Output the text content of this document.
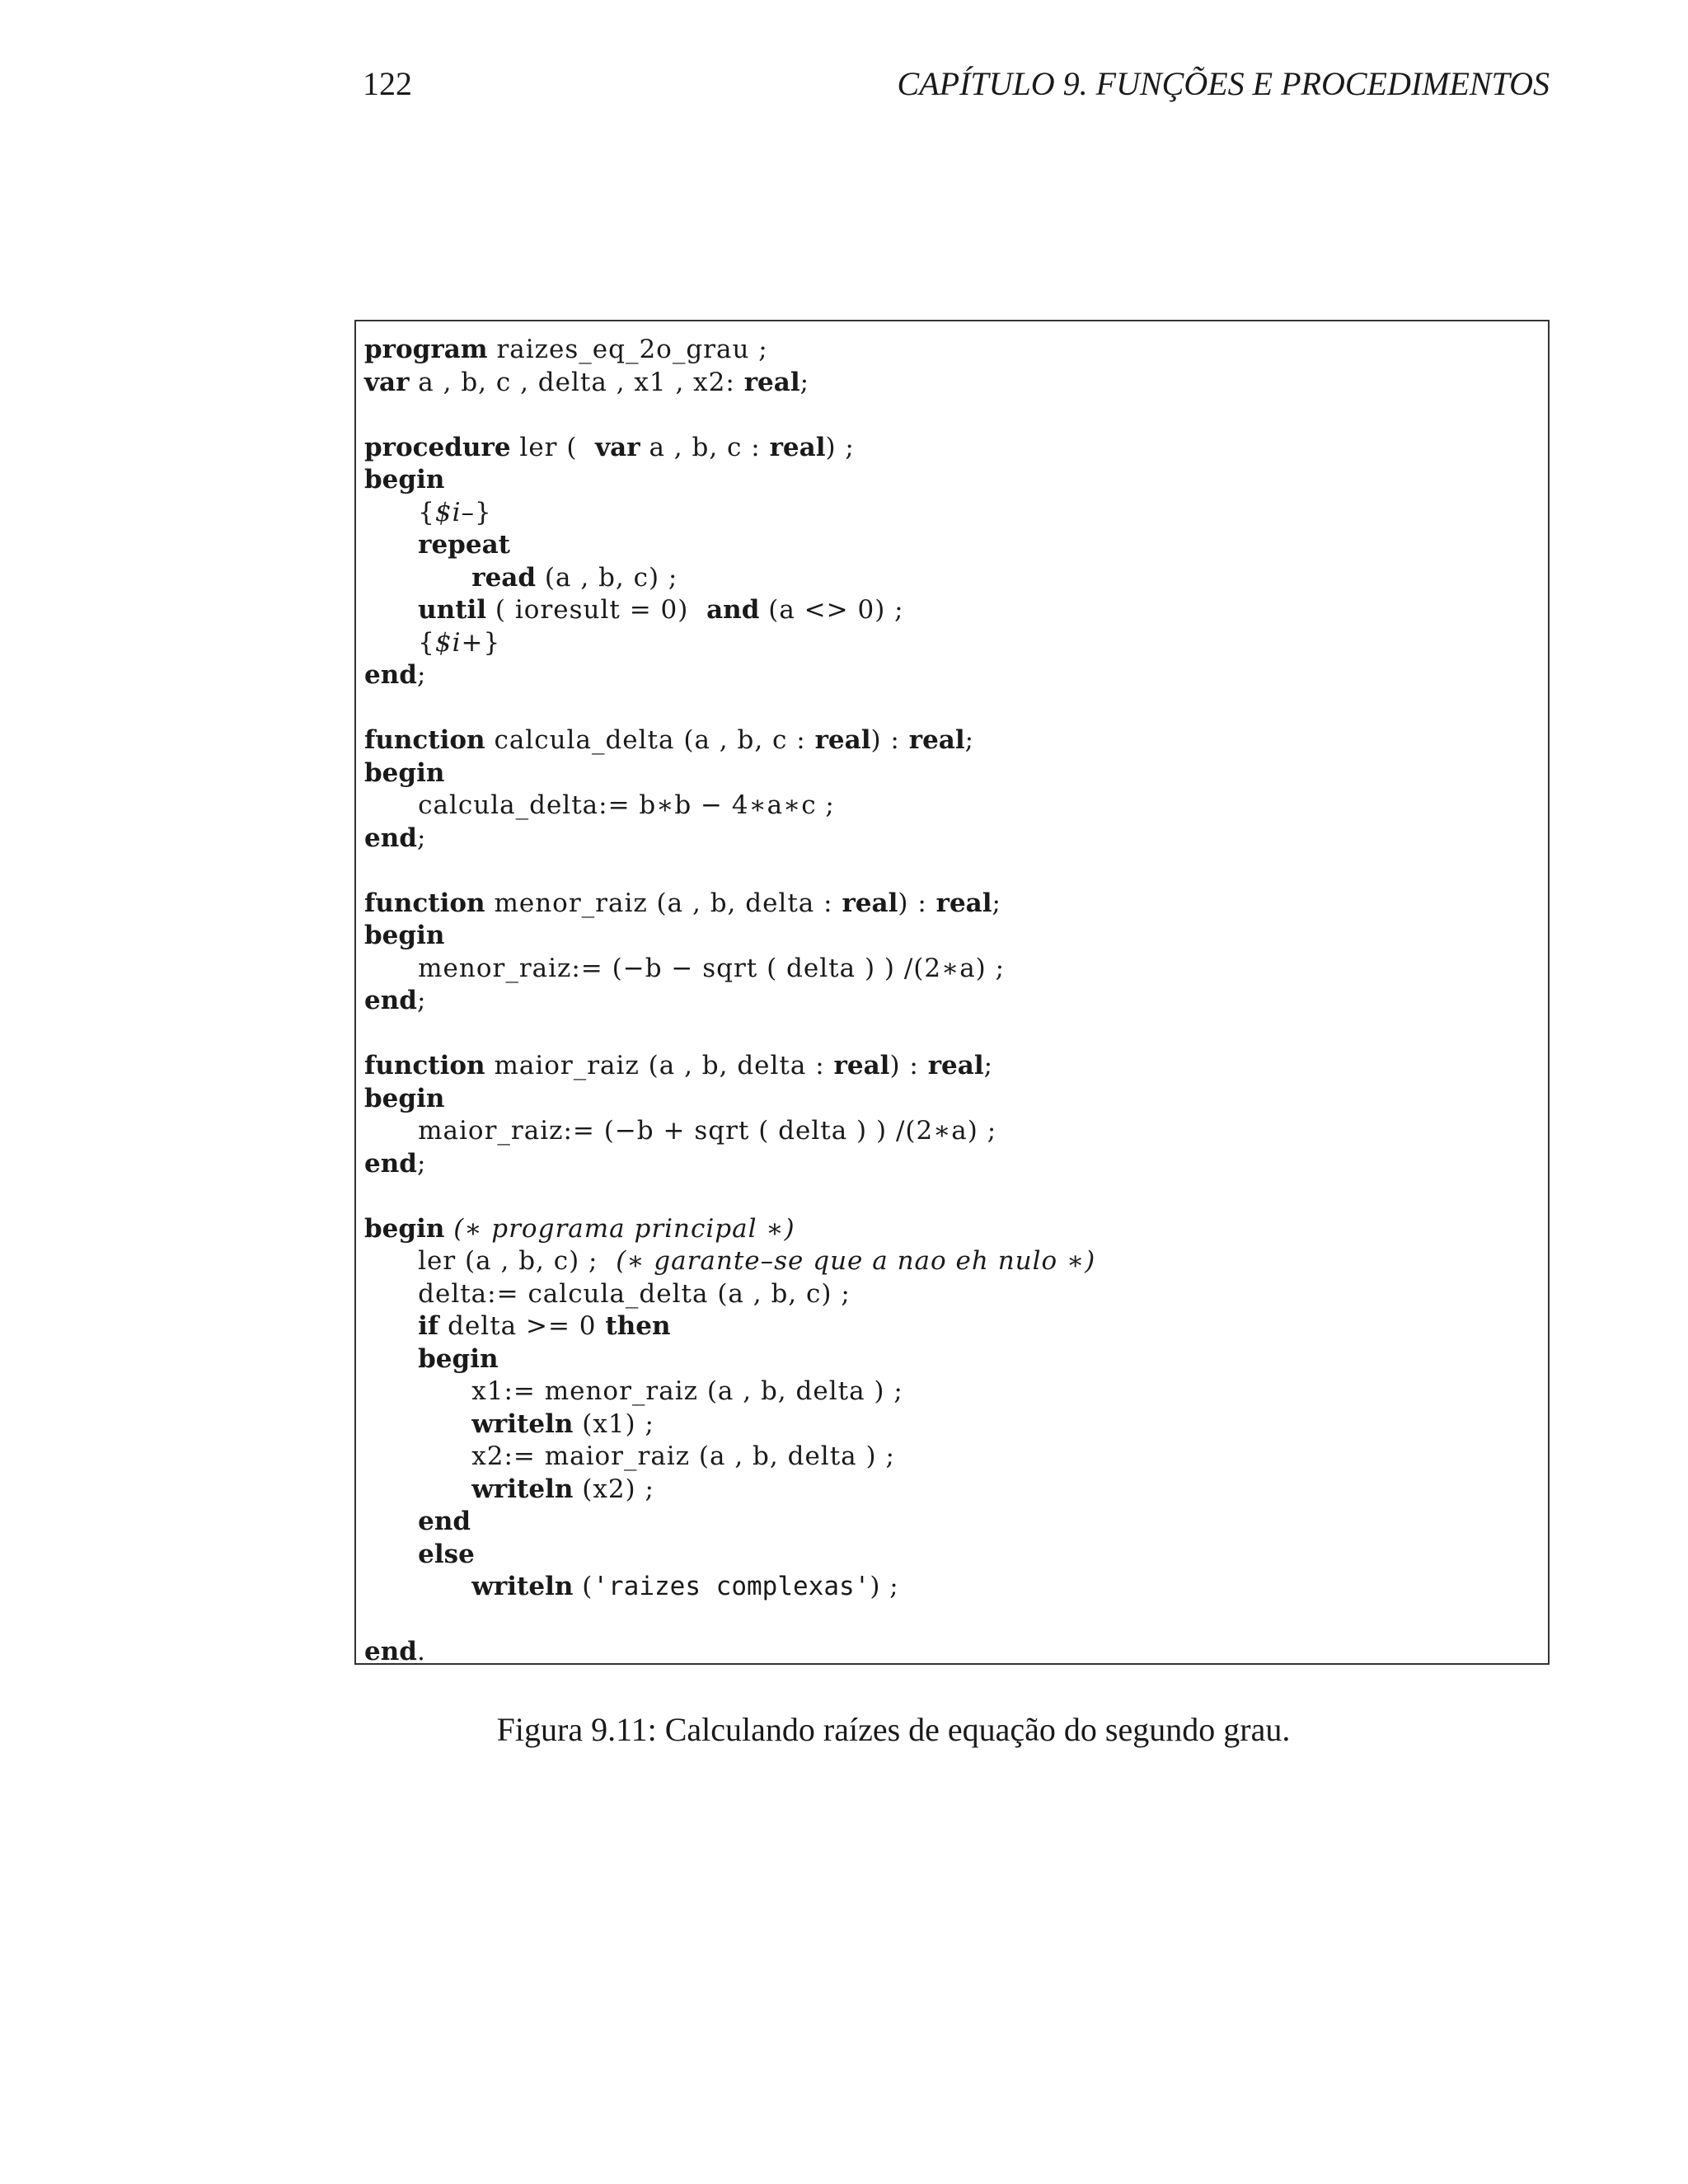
122	CAPÍTULO 9. FUNÇÕES E PROCEDIMENTOS
program raizes_eq_2o_grau ;
var a , b, c , delta , x1 , x2: real;
procedure ler (  var a , b, c : real) ;
begin
{$i–}
repeat
read (a , b, c) ;
until ( ioresult = 0)  and (a <> 0) ;
{$i+}
end;
function calcula_delta (a , b, c : real) : real;
begin
calcula_delta:= b∗b − 4∗a∗c ;
end;
function menor_raiz (a , b, delta : real) : real;
begin
menor_raiz:= (−b − sqrt ( delta ) ) /(2∗a) ;
end;
function maior_raiz (a , b, delta : real) : real;
begin
maior_raiz:= (−b + sqrt ( delta ) ) /(2∗a) ;
end;
begin (∗ programa principal ∗)
ler (a , b, c) ;  (∗ garante–se que a nao eh nulo ∗)
delta:= calcula_delta (a , b, c) ;
if delta >= 0 then
begin
x1:= menor_raiz (a , b, delta ) ;
writeln (x1) ;
x2:= maior_raiz (a , b, delta ) ;
writeln (x2) ;
end
else
writeln ('raizes complexas') ;
end.
Figura 9.11: Calculando raízes de equação do segundo grau.
